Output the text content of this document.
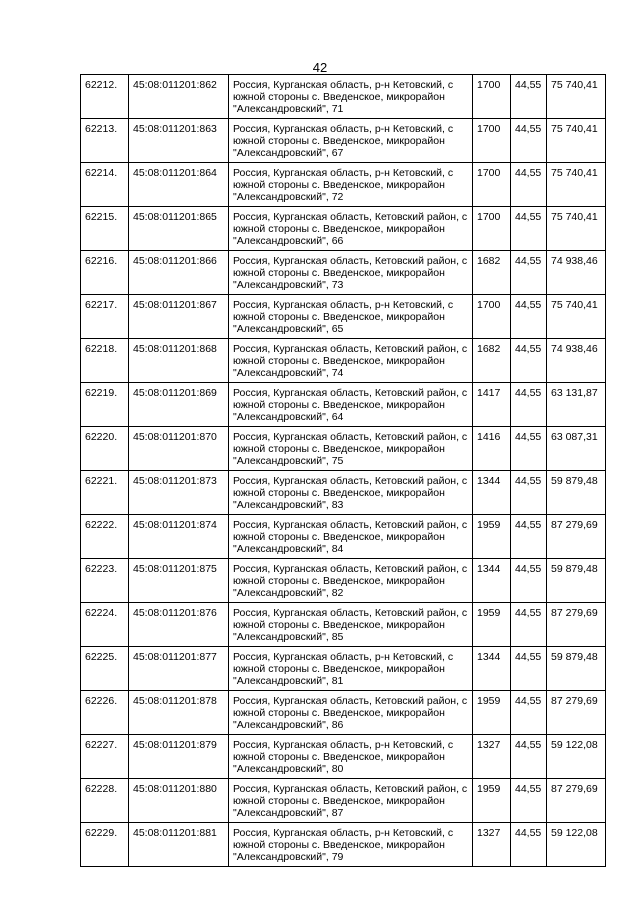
42
62212.	45:08:011201:862	Россия, Курганская область, р-н Кетовский, с южной стороны с. Введенское, микрорайон "Александровский", 71	1700	44,55	75 740,41
62213.	45:08:011201:863	Россия, Курганская область, р-н Кетовский, с южной стороны с. Введенское, микрорайон "Александровский", 67	1700	44,55	75 740,41
62214.	45:08:011201:864	Россия, Курганская область, р-н Кетовский, с южной стороны с. Введенское, микрорайон "Александровский", 72	1700	44,55	75 740,41
62215.	45:08:011201:865	Россия, Курганская область, Кетовский район, с южной стороны с. Введенское, микрорайон "Александровский", 66	1700	44,55	75 740,41
62216.	45:08:011201:866	Россия, Курганская область, Кетовский район, с южной стороны с. Введенское, микрорайон "Александровский", 73	1682	44,55	74 938,46
62217.	45:08:011201:867	Россия, Курганская область, р-н Кетовский, с южной стороны с. Введенское, микрорайон "Александровский", 65	1700	44,55	75 740,41
62218.	45:08:011201:868	Россия, Курганская область, Кетовский район, с южной стороны с. Введенское, микрорайон "Александровский", 74	1682	44,55	74 938,46
62219.	45:08:011201:869	Россия, Курганская область, Кетовский район, с южной стороны с. Введенское, микрорайон "Александровский", 64	1417	44,55	63 131,87
62220.	45:08:011201:870	Россия, Курганская область, Кетовский район, с южной стороны с. Введенское, микрорайон "Александровский", 75	1416	44,55	63 087,31
62221.	45:08:011201:873	Россия, Курганская область, Кетовский район, с южной стороны с. Введенское, микрорайон "Александровский", 83	1344	44,55	59 879,48
62222.	45:08:011201:874	Россия, Курганская область, Кетовский район, с южной стороны с. Введенское, микрорайон "Александровский", 84	1959	44,55	87 279,69
62223.	45:08:011201:875	Россия, Курганская область, Кетовский район, с южной стороны с. Введенское, микрорайон "Александровский", 82	1344	44,55	59 879,48
62224.	45:08:011201:876	Россия, Курганская область, Кетовский район, с южной стороны с. Введенское, микрорайон "Александровский", 85	1959	44,55	87 279,69
62225.	45:08:011201:877	Россия, Курганская область, р-н Кетовский, с южной стороны с. Введенское, микрорайон "Александровский", 81	1344	44,55	59 879,48
62226.	45:08:011201:878	Россия, Курганская область, Кетовский район, с южной стороны с. Введенское, микрорайон "Александровский", 86	1959	44,55	87 279,69
62227.	45:08:011201:879	Россия, Курганская область, р-н Кетовский, с южной стороны с. Введенское, микрорайон "Александровский", 80	1327	44,55	59 122,08
62228.	45:08:011201:880	Россия, Курганская область, Кетовский район, с южной стороны с. Введенское, микрорайон "Александровский", 87	1959	44,55	87 279,69
62229.	45:08:011201:881	Россия, Курганская область, р-н Кетовский, с южной стороны с. Введенское, микрорайон "Александровский", 79	1327	44,55	59 122,08
